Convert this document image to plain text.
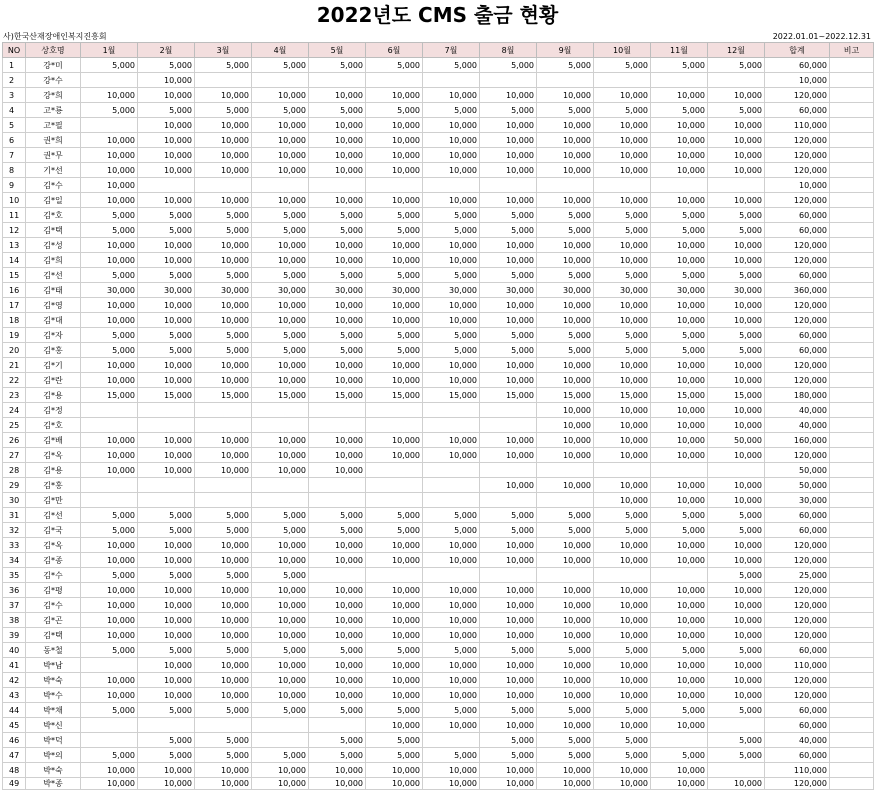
2022년도 CMS 출금 현황
사)한국산재장애인복지진흥회	2022.01.01~2022.12.31
NO	상호명	1월	2월	3월	4월	5월	6월	7월	8월	9월	10월	11월	12월	합계	비고
1	강*미	5,000	5,000	5,000	5,000	5,000	5,000	5,000	5,000	5,000	5,000	5,000	5,000	60,000	
2	강*수		10,000											10,000	
3	강*희	10,000	10,000	10,000	10,000	10,000	10,000	10,000	10,000	10,000	10,000	10,000	10,000	120,000	
4	고*룡	5,000	5,000	5,000	5,000	5,000	5,000	5,000	5,000	5,000	5,000	5,000	5,000	60,000	
5	고*필		10,000	10,000	10,000	10,000	10,000	10,000	10,000	10,000	10,000	10,000	10,000	110,000	
6	권*희	10,000	10,000	10,000	10,000	10,000	10,000	10,000	10,000	10,000	10,000	10,000	10,000	120,000	
7	권*무	10,000	10,000	10,000	10,000	10,000	10,000	10,000	10,000	10,000	10,000	10,000	10,000	120,000	
8	기*선	10,000	10,000	10,000	10,000	10,000	10,000	10,000	10,000	10,000	10,000	10,000	10,000	120,000	
9	김*수	10,000												10,000	
10	김*일	10,000	10,000	10,000	10,000	10,000	10,000	10,000	10,000	10,000	10,000	10,000	10,000	120,000	
11	김*호	5,000	5,000	5,000	5,000	5,000	5,000	5,000	5,000	5,000	5,000	5,000	5,000	60,000	
12	김*택	5,000	5,000	5,000	5,000	5,000	5,000	5,000	5,000	5,000	5,000	5,000	5,000	60,000	
13	김*성	10,000	10,000	10,000	10,000	10,000	10,000	10,000	10,000	10,000	10,000	10,000	10,000	120,000	
14	김*희	10,000	10,000	10,000	10,000	10,000	10,000	10,000	10,000	10,000	10,000	10,000	10,000	120,000	
15	김*선	5,000	5,000	5,000	5,000	5,000	5,000	5,000	5,000	5,000	5,000	5,000	5,000	60,000	
16	김*태	30,000	30,000	30,000	30,000	30,000	30,000	30,000	30,000	30,000	30,000	30,000	30,000	360,000	
17	김*영	10,000	10,000	10,000	10,000	10,000	10,000	10,000	10,000	10,000	10,000	10,000	10,000	120,000	
18	김*대	10,000	10,000	10,000	10,000	10,000	10,000	10,000	10,000	10,000	10,000	10,000	10,000	120,000	
19	김*자	5,000	5,000	5,000	5,000	5,000	5,000	5,000	5,000	5,000	5,000	5,000	5,000	60,000	
20	김*홍	5,000	5,000	5,000	5,000	5,000	5,000	5,000	5,000	5,000	5,000	5,000	5,000	60,000	
21	김*기	10,000	10,000	10,000	10,000	10,000	10,000	10,000	10,000	10,000	10,000	10,000	10,000	120,000	
22	김*란	10,000	10,000	10,000	10,000	10,000	10,000	10,000	10,000	10,000	10,000	10,000	10,000	120,000	
23	김*용	15,000	15,000	15,000	15,000	15,000	15,000	15,000	15,000	15,000	15,000	15,000	15,000	180,000	
24	김*정									10,000	10,000	10,000	10,000	40,000	
25	김*호									10,000	10,000	10,000	10,000	40,000	
26	김*배	10,000	10,000	10,000	10,000	10,000	10,000	10,000	10,000	10,000	10,000	10,000	50,000	160,000	
27	김*옥	10,000	10,000	10,000	10,000	10,000	10,000	10,000	10,000	10,000	10,000	10,000	10,000	120,000	
28	김*용	10,000	10,000	10,000	10,000	10,000								50,000	
29	김*홍								10,000	10,000	10,000	10,000	10,000	50,000	
30	김*만										10,000	10,000	10,000	30,000	
31	김*선	5,000	5,000	5,000	5,000	5,000	5,000	5,000	5,000	5,000	5,000	5,000	5,000	60,000	
32	김*국	5,000	5,000	5,000	5,000	5,000	5,000	5,000	5,000	5,000	5,000	5,000	5,000	60,000	
33	김*옥	10,000	10,000	10,000	10,000	10,000	10,000	10,000	10,000	10,000	10,000	10,000	10,000	120,000	
34	김*종	10,000	10,000	10,000	10,000	10,000	10,000	10,000	10,000	10,000	10,000	10,000	10,000	120,000	
35	김*수	5,000	5,000	5,000	5,000								5,000	25,000	
36	김*평	10,000	10,000	10,000	10,000	10,000	10,000	10,000	10,000	10,000	10,000	10,000	10,000	120,000	
37	김*수	10,000	10,000	10,000	10,000	10,000	10,000	10,000	10,000	10,000	10,000	10,000	10,000	120,000	
38	김*곤	10,000	10,000	10,000	10,000	10,000	10,000	10,000	10,000	10,000	10,000	10,000	10,000	120,000	
39	김*택	10,000	10,000	10,000	10,000	10,000	10,000	10,000	10,000	10,000	10,000	10,000	10,000	120,000	
40	동*철	5,000	5,000	5,000	5,000	5,000	5,000	5,000	5,000	5,000	5,000	5,000	5,000	60,000	
41	박*남		10,000	10,000	10,000	10,000	10,000	10,000	10,000	10,000	10,000	10,000	10,000	110,000	
42	박*숙	10,000	10,000	10,000	10,000	10,000	10,000	10,000	10,000	10,000	10,000	10,000	10,000	120,000	
43	박*수	10,000	10,000	10,000	10,000	10,000	10,000	10,000	10,000	10,000	10,000	10,000	10,000	120,000	
44	박*채	5,000	5,000	5,000	5,000	5,000	5,000	5,000	5,000	5,000	5,000	5,000	5,000	60,000	
45	박*신						10,000	10,000	10,000	10,000	10,000	10,000		60,000	
46	박*덕		5,000	5,000		5,000	5,000		5,000	5,000	5,000		5,000	40,000	
47	박*의	5,000	5,000	5,000	5,000	5,000	5,000	5,000	5,000	5,000	5,000	5,000	5,000	60,000	
48	박*숙	10,000	10,000	10,000	10,000	10,000	10,000	10,000	10,000	10,000	10,000	10,000		110,000	
49	박*종	10,000	10,000	10,000	10,000	10,000	10,000	10,000	10,000	10,000	10,000	10,000	10,000	120,000	
